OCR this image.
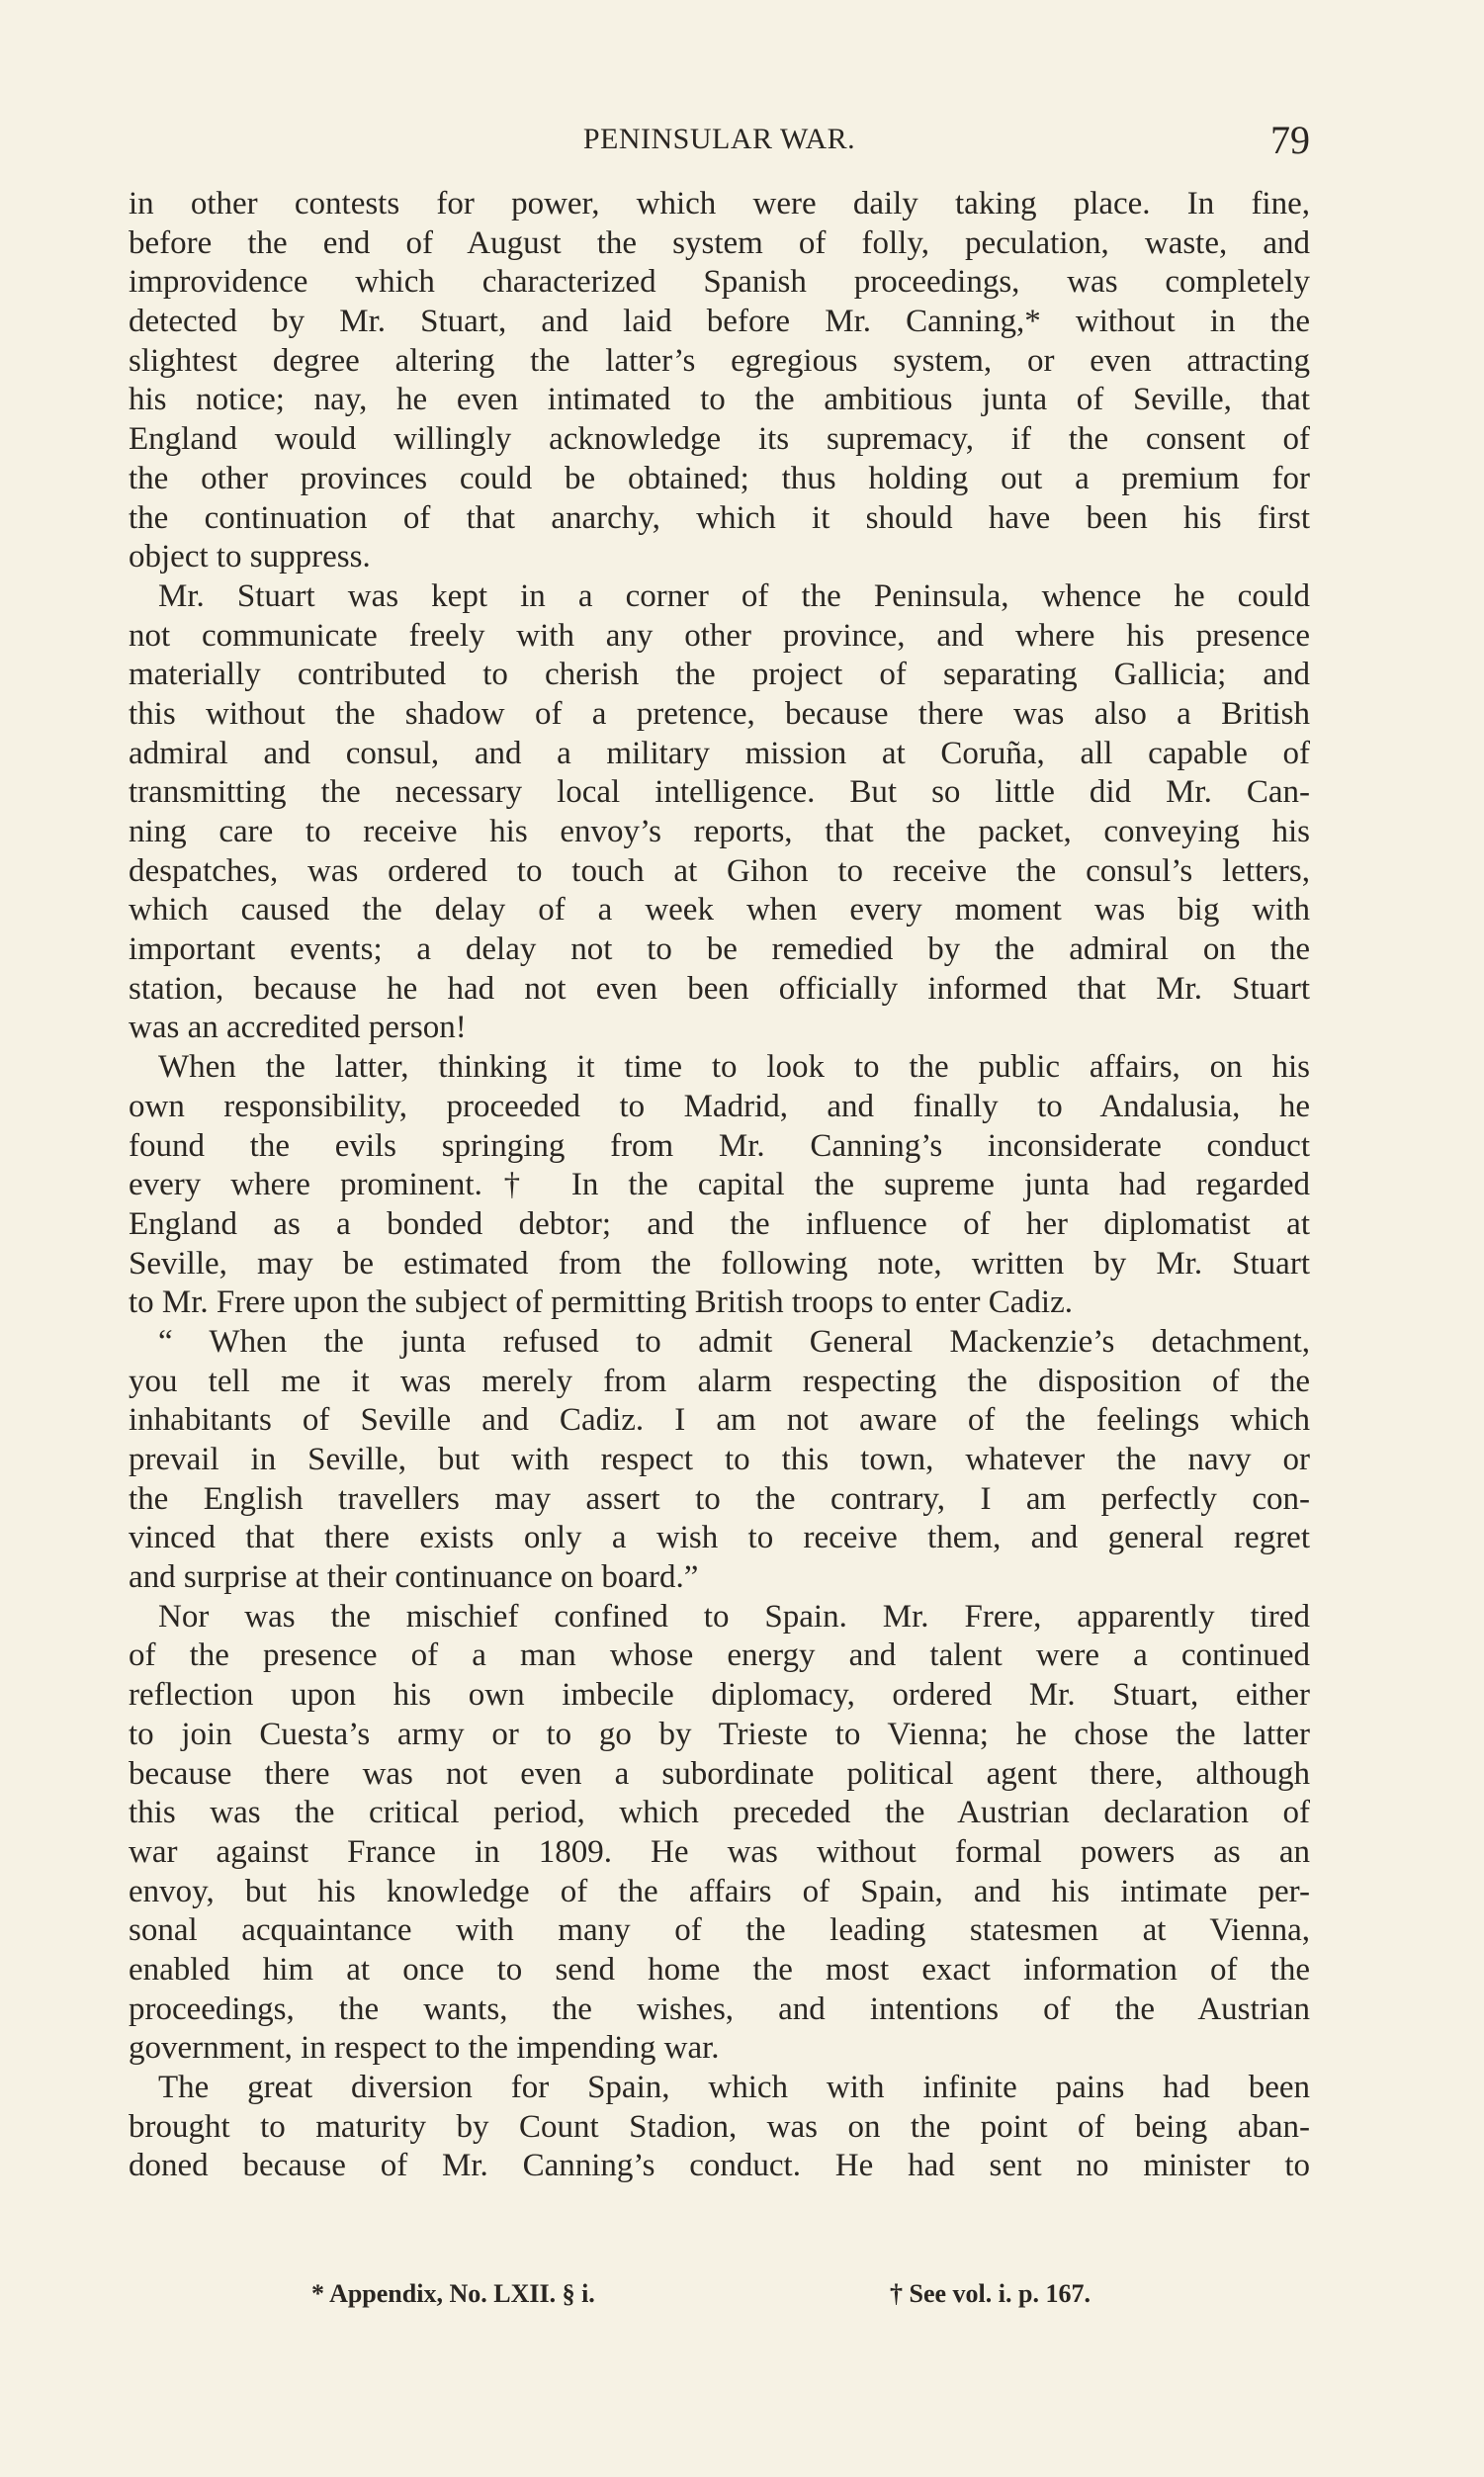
PENINSULAR WAR.	79
in other contests for power, which were daily taking place. In fine,
before the end of August the system of folly, peculation, waste, and
improvidence which characterized Spanish proceedings, was completely
detected by Mr. Stuart, and laid before Mr. Canning,* without in the
slightest degree altering the latter’s egregious system, or even attracting
his notice; nay, he even intimated to the ambitious junta of Seville, that
England would willingly acknowledge its supremacy, if the consent of
the other provinces could be obtained; thus holding out a premium for
the continuation of that anarchy, which it should have been his first
object to suppress.
Mr. Stuart was kept in a corner of the Peninsula, whence he could
not communicate freely with any other province, and where his presence
materially contributed to cherish the project of separating Gallicia; and
this without the shadow of a pretence, because there was also a British
admiral and consul, and a military mission at Coruña, all capable of
transmitting the necessary local intelligence. But so little did Mr. Can-
ning care to receive his envoy’s reports, that the packet, conveying his
despatches, was ordered to touch at Gihon to receive the consul’s letters,
which caused the delay of a week when every moment was big with
important events; a delay not to be remedied by the admiral on the
station, because he had not even been officially informed that Mr. Stuart
was an accredited person!
When the latter, thinking it time to look to the public affairs, on his
own responsibility, proceeded to Madrid, and finally to Andalusia, he
found the evils springing from Mr. Canning’s inconsiderate conduct
every where prominent.† In the capital the supreme junta had regarded
England as a bonded debtor; and the influence of her diplomatist at
Seville, may be estimated from the following note, written by Mr. Stuart
to Mr. Frere upon the subject of permitting British troops to enter Cadiz.
“ When the junta refused to admit General Mackenzie’s detachment,
you tell me it was merely from alarm respecting the disposition of the
inhabitants of Seville and Cadiz. I am not aware of the feelings which
prevail in Seville, but with respect to this town, whatever the navy or
the English travellers may assert to the contrary, I am perfectly con-
vinced that there exists only a wish to receive them, and general regret
and surprise at their continuance on board.”
Nor was the mischief confined to Spain. Mr. Frere, apparently tired
of the presence of a man whose energy and talent were a continued
reflection upon his own imbecile diplomacy, ordered Mr. Stuart, either
to join Cuesta’s army or to go by Trieste to Vienna; he chose the latter
because there was not even a subordinate political agent there, although
this was the critical period, which preceded the Austrian declaration of
war against France in 1809. He was without formal powers as an
envoy, but his knowledge of the affairs of Spain, and his intimate per-
sonal acquaintance with many of the leading statesmen at Vienna,
enabled him at once to send home the most exact information of the
proceedings, the wants, the wishes, and intentions of the Austrian
government, in respect to the impending war.
The great diversion for Spain, which with infinite pains had been
brought to maturity by Count Stadion, was on the point of being aban-
doned because of Mr. Canning’s conduct. He had sent no minister to
* Appendix, No. LXII. § i.	† See vol. i. p. 167.
